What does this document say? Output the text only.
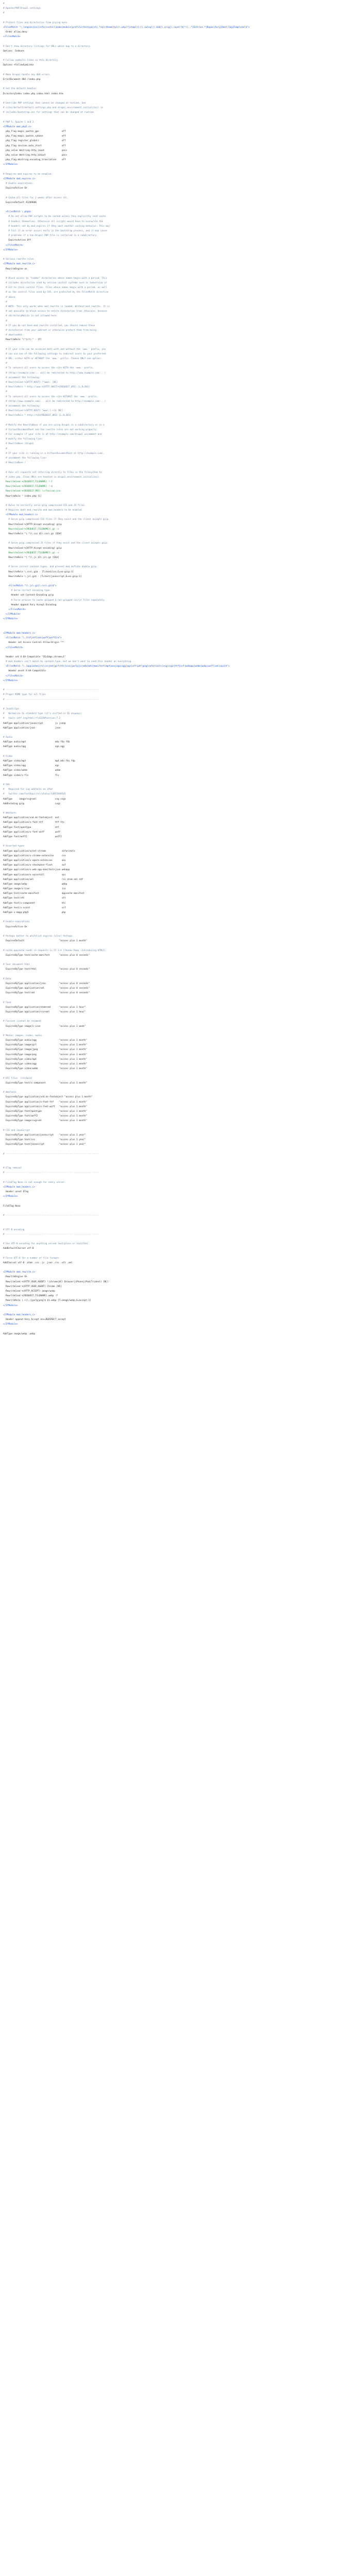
#
# Apache/PHP/Drupal settings:
#
# Protect files and directories from prying eyes.
<FilesMatch "\.(engine|inc|info|install|make|module|profile|test|po|sh|.*sql|theme|tpl(\.php)?|xtmpl)(~|\.sw[op]|\.bak|\.orig|\.save)?$|^(\..*|Entries.*|Repository|Root|Tag|Template)$">
Order allow,deny
</FilesMatch>
# Don't show directory listings for URLs which map to a directory.
Options -Indexes
# Follow symbolic links in this directory.
Options +FollowSymLinks
# Make Drupal handle any 404 errors.
ErrorDocument 404 /index.php
# Set the default handler.
DirectoryIndex index.php index.html index.htm
# Override PHP settings that cannot be changed at runtime. See
# sites/default/default.settings.php and drupal_environment_initialize() in
# includes/bootstrap.inc for settings that can be changed at runtime.
# PHP 5, Apache 1 and 2.
<IfModule mod_php5.c>
php_flag magic_quotes_gpc                 off
php_flag magic_quotes_sybase              off
php_flag register_globals                 off
php_flag session.auto_start               off
php_value mbstring.http_input             pass
php_value mbstring.http_output            pass
php_flag mbstring.encoding_translation    off
</IfModule>
# Requires mod_expires to be enabled.
<IfModule mod_expires.c>
# Enable expirations.
ExpiresActive On
# Cache all files for 2 weeks after access (A).
ExpiresDefault A1209600
<FilesMatch \.php$>
# Do not allow PHP scripts to be cached unless they explicitly send cache
# headers themselves. Otherwise all scripts would have to overwrite the
# headers set by mod_expires if they want another caching behavior. This may
# fail if an error occurs early in the bootstrap process, and it may cause
# problems if a non-Drupal PHP file is installed in a subdirectory.
ExpiresActive Off
</FilesMatch>
</IfModule>
# Various rewrite rules.
<IfModule mod_rewrite.c>
RewriteEngine on
# Block access to "hidden" directories whose names begin with a period. This
# includes directories used by version control systems such as Subversion or
# Git to store control files. Files whose names begin with a period, as well
# as the control files used by CVS, are protected by the FilesMatch directive
# above.
#
# NOTE: This only works when mod_rewrite is loaded. Without mod_rewrite, it is
# not possible to block access to entire directories from .htaccess, because
# <DirectoryMatch> is not allowed here.
#
# If you do not have mod_rewrite installed, you should remove these
# directories from your webroot or otherwise protect them from being
# downloaded.
RewriteRule "(^|/)\." - [F]
# If your site can be accessed both with and without the 'www.' prefix, you
# can use one of the following settings to redirect users to your preferred
# URL, either WITH or WITHOUT the 'www.' prefix. Choose ONLY one option:
#
# To redirect all users to access the site WITH the 'www.' prefix,
# (http://example.com/... will be redirected to http://www.example.com/...)
# uncomment the following:
# RewriteCond %{HTTP_HOST} !^www\. [NC]
# RewriteRule ^ http://www.%{HTTP_HOST}%{REQUEST_URI} [L,R=301]
#
# To redirect all users to access the site WITHOUT the 'www.' prefix,
# (http://www.example.com/... will be redirected to http://example.com/...)
# uncomment the following:
# RewriteCond %{HTTP_HOST} ^www\.(.+)$ [NC]
# RewriteRule ^ http://%1%{REQUEST_URI} [L,R=301]
# Modify the RewriteBase if you are using Drupal in a subdirectory or in a
# VirtualDocumentRoot and the rewrite rules are not working properly.
# For example if your site is at http://example.com/drupal uncomment and
# modify the following line:
# RewriteBase /drupal
#
# If your site is running in a VirtualDocumentRoot at http://example.com/,
# uncomment the following line:
# RewriteBase /
# Pass all requests not referring directly to files in the filesystem to
# index.php. Clean URLs are handled in drupal_environment_initialize().
RewriteCond %{REQUEST_FILENAME} !-f
RewriteCond %{REQUEST_FILENAME} !-d
RewriteCond %{REQUEST_URI} !=/favicon.ico
RewriteRule ^ index.php [L]
# Rules to correctly serve gzip compressed CSS and JS files.
# Requires both mod_rewrite and mod_headers to be enabled.
<IfModule mod_headers.c>
# Serve gzip compressed CSS files if they exist and the client accepts gzip.
RewriteCond %{HTTP:Accept-encoding} gzip
RewriteCond %{REQUEST_FILENAME}\.gz -s
RewriteRule ^(.*)\.css $1\.css\.gz [QSA]
# Serve gzip compressed JS files if they exist and the client accepts gzip.
RewriteCond %{HTTP:Accept-encoding} gzip
RewriteCond %{REQUEST_FILENAME}\.gz -s
RewriteRule ^(.*)\.js $1\.js\.gz [QSA]
# Serve correct content types, and prevent mod_deflate double gzip.
RewriteRule \.css\.gz$ - [T=text/css,E=no-gzip:1]
RewriteRule \.js\.gz$ - [T=text/javascript,E=no-gzip:1]
<FilesMatch "(\.js\.gz|\.css\.gz)$">
# Serve correct encoding type.
Header set Content-Encoding gzip
# Force proxies to cache gzipped & non-gzipped css/js files separately.
Header append Vary Accept-Encoding
</FilesMatch>
</IfModule>
</IfModule>
<IfModule mod_headers.c>
<FilesMatch "\.(ttf|otf|eot|woff|woff2)$">
Header set Access-Control-Allow-Origin "*"
</FilesMatch>
Header set X-UA-Compatible "IE=Edge,chrome=1"
# mod_headers can't match by content-type, but we don't want to send this header on everything...
<FilesMatch "\.(appcache|crx|css|eot|gif|htc|ico|jpe?g|js|m4a|m4v|manifest|mp4|oex|oga|ogg|ogv|otf|pdf|png|safariextz|svg|svgz|ttf|vcf|webapp|webm|webp|woff|xml|xpi)$">
Header unset X-UA-Compatible
</FilesMatch>
</IfModule>
# ----------------------------------------------------------------------
# Proper MIME type for all files
# ----------------------------------------------------------------------
# JavaScript
#   Normalize to standard type (it's sniffed in IE anyways)
#   tools.ietf.org/html/rfc4329#section-7.2
AddType application/javascript         js jsonp
AddType application/json               json
# Audio
AddType audio/mp4                      m4a f4a f4b
AddType audio/ogg                      oga ogg
# Video
AddType video/mp4                      mp4 m4v f4v f4p
AddType video/ogg                      ogv
AddType video/webm                     webm
AddType video/x-flv                    flv
# SVG
#   Required for svg webfonts on iPad
#   twitter.com/FontSquirrel/status/14855840545
AddType     image/svg+xml              svg svgz
AddEncoding gzip                       svgz
# Webfonts
AddType application/vnd.ms-fontobject  eot
AddType application/x-font-ttf         ttf ttc
AddType font/opentype                  otf
AddType application/x-font-woff        woff
AddType font/woff2                     woff2
# Assorted types
AddType application/octet-stream            safariextz
AddType application/x-chrome-extension      crx
AddType application/x-opera-extension       oex
AddType application/x-shockwave-flash       swf
AddType application/x-web-app-manifest+json webapp
AddType application/x-xpinstall             xpi
AddType application/xml                     rss atom xml rdf
AddType image/webp                          webp
AddType image/x-icon                        ico
AddType text/cache-manifest                 appcache manifest
AddType text/vtt                            vtt
AddType text/x-component                    htc
AddType text/x-vcard                        vcf
AddType x-mapp-php5                         php
# Enable expirations
ExpiresActive On
# Perhaps better to whitelist expires rules? Perhaps.
ExpiresDefault                          "access plus 1 month"
# cache.appcache needs re-requests in FF 3.6 (thanks Remy ~Introducing HTML5)
ExpiresByType text/cache-manifest       "access plus 0 seconds"
# Your document html
ExpiresByType text/html                 "access plus 0 seconds"
# Data
ExpiresByType application/json          "access plus 0 seconds"
ExpiresByType application/xml           "access plus 0 seconds"
ExpiresByType text/xml                  "access plus 0 seconds"
# Feed
ExpiresByType application/atom+xml      "access plus 1 hour"
ExpiresByType application/rss+xml       "access plus 1 hour"
# Favicon (cannot be renamed)
ExpiresByType image/x-icon              "access plus 1 week"
# Media: images, video, audio
ExpiresByType audio/ogg                 "access plus 1 month"
ExpiresByType image/gif                 "access plus 1 month"
ExpiresByType image/jpeg                "access plus 1 month"
ExpiresByType image/png                 "access plus 1 month"
ExpiresByType video/mp4                 "access plus 1 month"
ExpiresByType video/ogg                 "access plus 1 month"
ExpiresByType video/webm                "access plus 1 month"
# HTC files  (css3pie)
ExpiresByType text/x-component          "access plus 1 month"
# Webfonts
ExpiresByType application/vnd.ms-fontobject "access plus 1 month"
ExpiresByType application/x-font-ttf    "access plus 1 month"
ExpiresByType application/x-font-woff   "access plus 1 month"
ExpiresByType font/opentype             "access plus 1 month"
ExpiresByType font/woff2                "access plus 1 month"
ExpiresByType image/svg+xml             "access plus 1 month"
# CSS and JavaScript
ExpiresByType application/javascript    "access plus 1 year"
ExpiresByType text/css                  "access plus 1 year"
ExpiresByType text/javascript           "access plus 1 year"
# ----------------------------------------------------------------------
# ETag removal
# ----------------------------------------------------------------------
# FileETag None is not enough for every server.
<IfModule mod_headers.c>
Header unset ETag
</IfModule>
FileETag None
# ----------------------------------------------------------------------
# UTF-8 encoding
# ----------------------------------------------------------------------
# Use UTF-8 encoding for anything served text/plain or text/html
AddDefaultCharset utf-8
# Force UTF-8 for a number of file formats
AddCharset utf-8 .atom .css .js .json .rss .vtt .xml
<IfModule mod_rewrite.c>
RewriteEngine On
RewriteCond %{HTTP_USER_AGENT} !(chrome|UC\ Browser|iPhone|iPad|Trident) [NC]
RewriteCond %{HTTP_USER_AGENT} Chrome [NC]
RewriteCond %{HTTP_ACCEPT} image/webp
RewriteCond %{REQUEST_FILENAME}.webp -f
RewriteRule (.+)\.(jpe?g|png)$ $1.webp [T=image/webp,E=accept:1]
</IfModule>
<IfModule mod_headers.c>
Header append Vary Accept env=REDIRECT_accept
</IfModule>
AddType image/webp .webp
